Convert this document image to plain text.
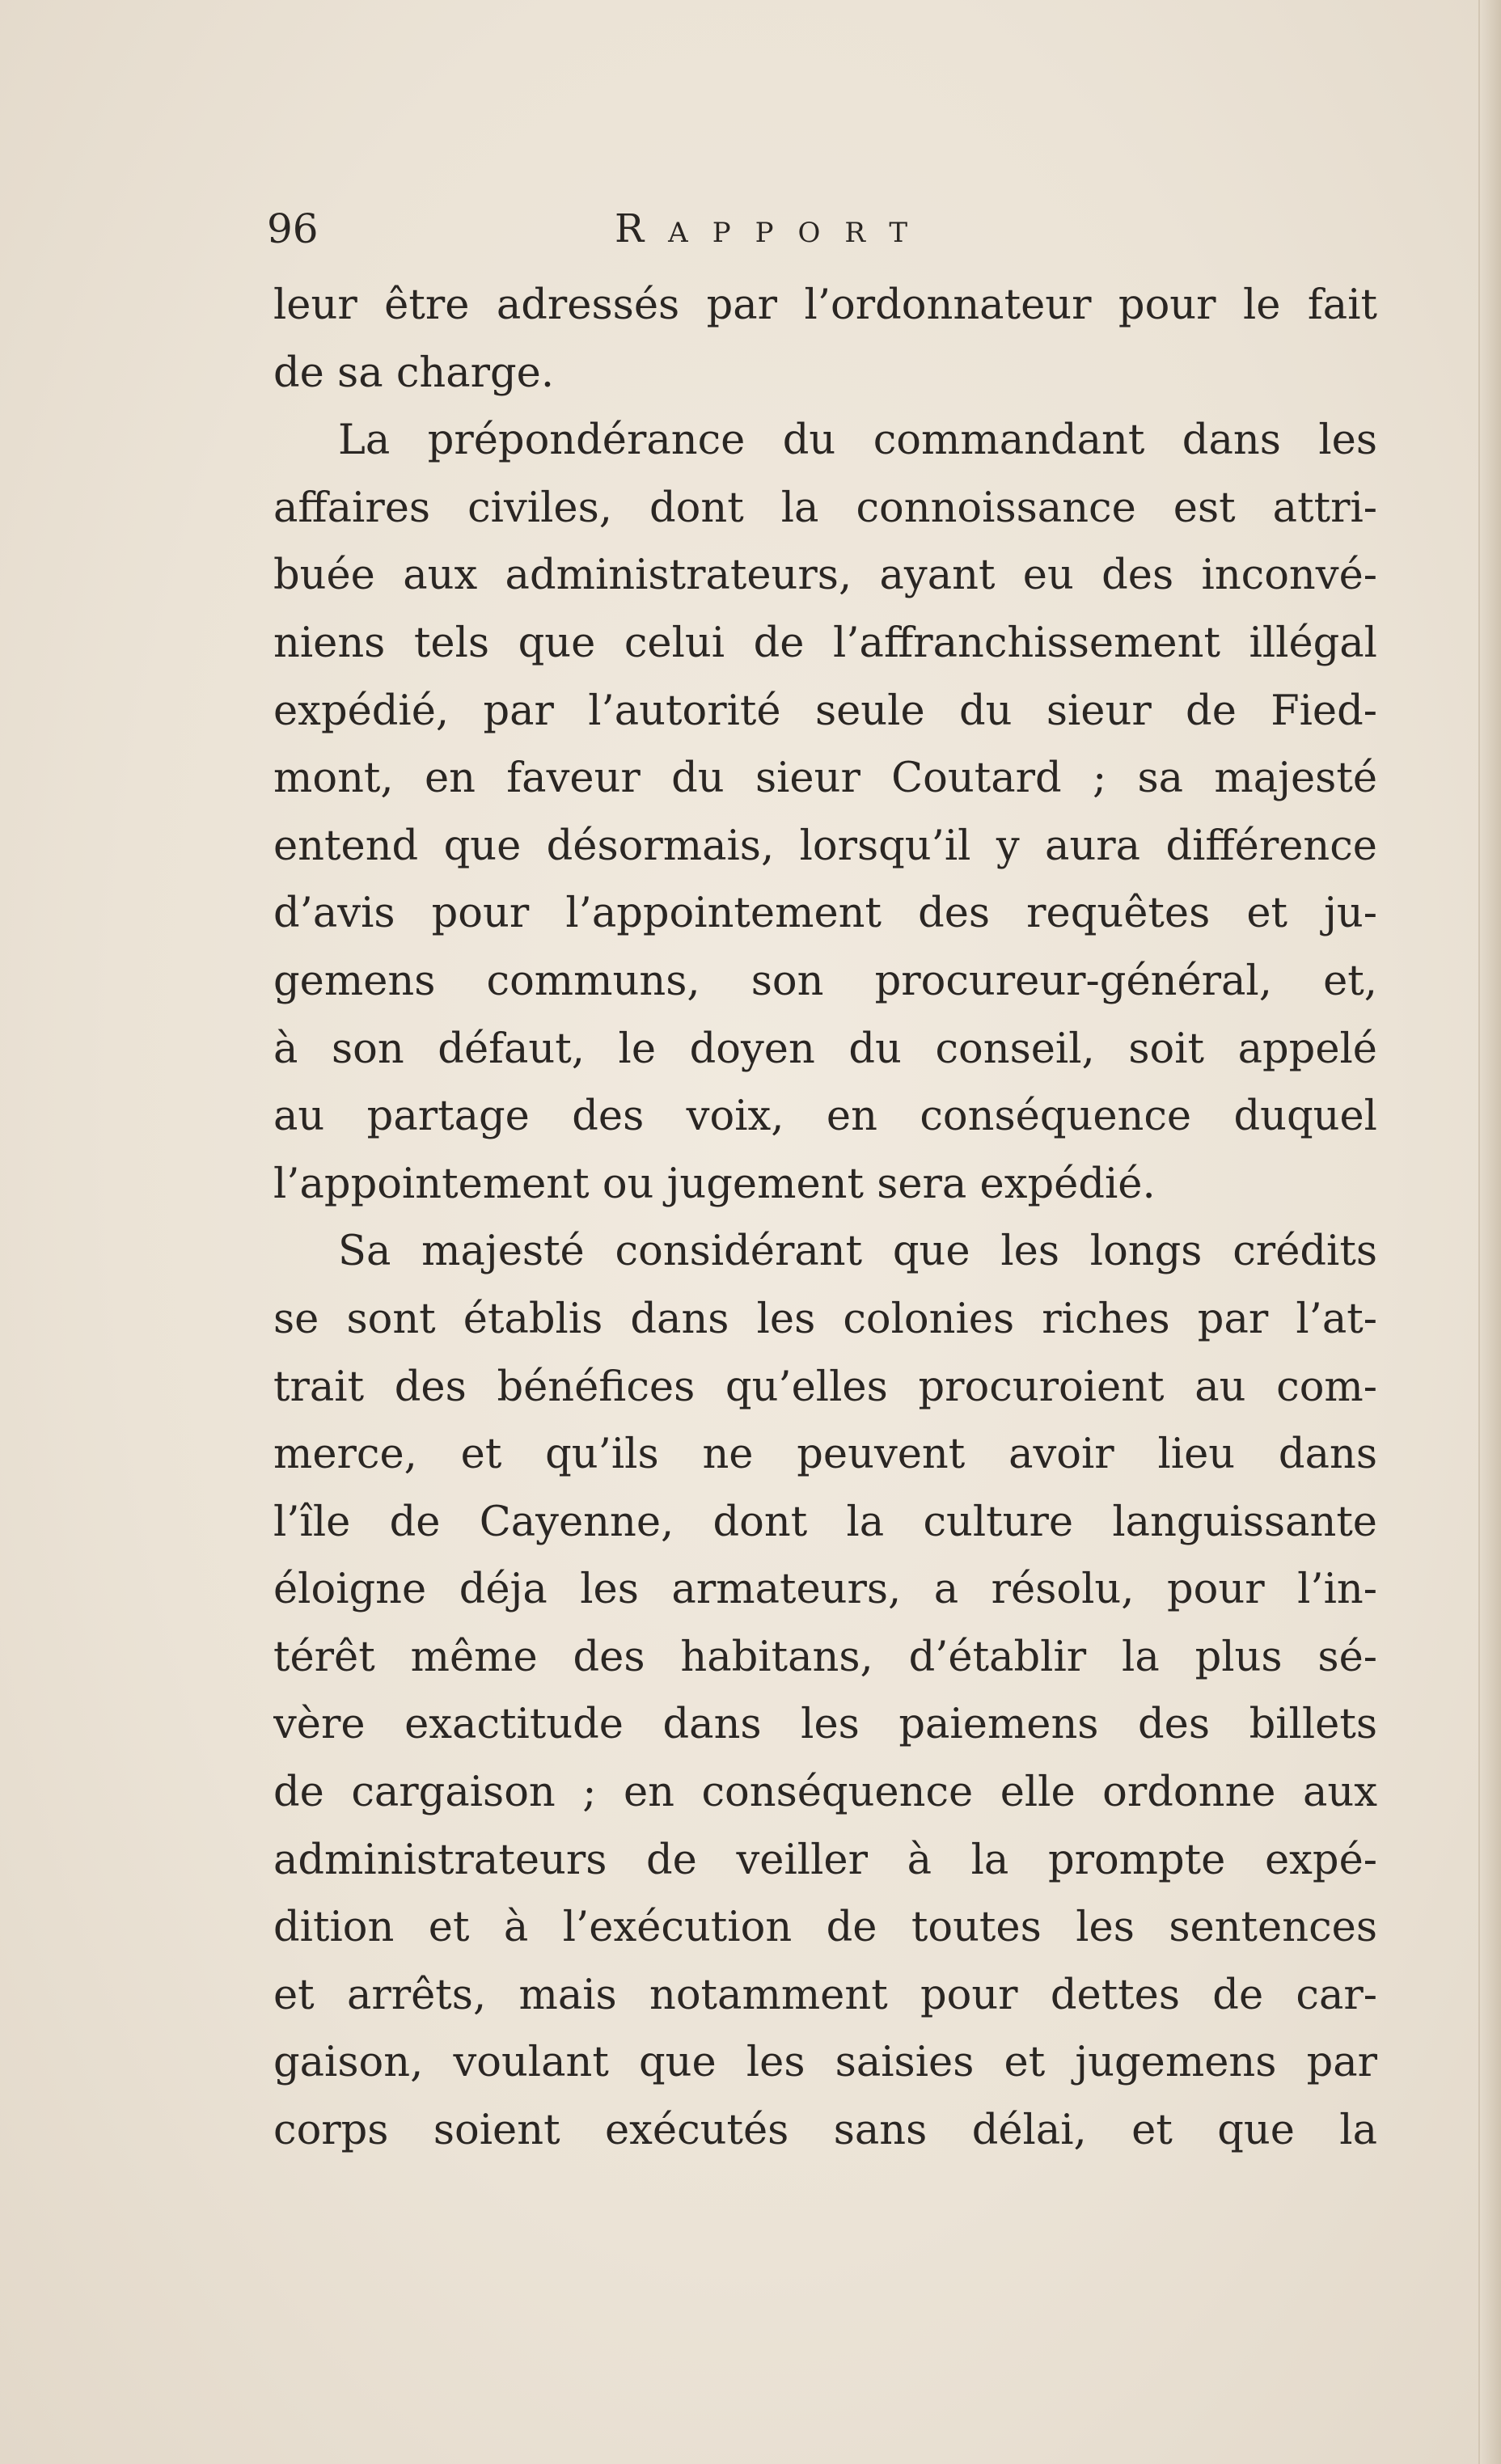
96	Rapport
leur être adressés par l’ordonnateur pour le fait
de sa charge.
La prépondérance du commandant dans les
affaires civiles, dont la connoissance est attri-
buée aux administrateurs, ayant eu des inconvé-
niens tels que celui de l’affranchissement illégal
expédié, par l’autorité seule du sieur de Fied-
mont, en faveur du sieur Coutard ; sa majesté
entend que désormais, lorsqu’il y aura différence
d’avis pour l’appointement des requêtes et ju-
gemens communs, son procureur-général, et,
à son défaut, le doyen du conseil, soit appelé
au partage des voix, en conséquence duquel
l’appointement ou jugement sera expédié.
Sa majesté considérant que les longs crédits
se sont établis dans les colonies riches par l’at-
trait des bénéfices qu’elles procuroient au com-
merce, et qu’ils ne peuvent avoir lieu dans
l’île de Cayenne, dont la culture languissante
éloigne déja les armateurs, a résolu, pour l’in-
térêt même des habitans, d’établir la plus sé-
vère exactitude dans les paiemens des billets
de cargaison ; en conséquence elle ordonne aux
administrateurs de veiller à la prompte expé-
dition et à l’exécution de toutes les sentences
et arrêts, mais notamment pour dettes de car-
gaison, voulant que les saisies et jugemens par
corps soient exécutés sans délai, et que la
